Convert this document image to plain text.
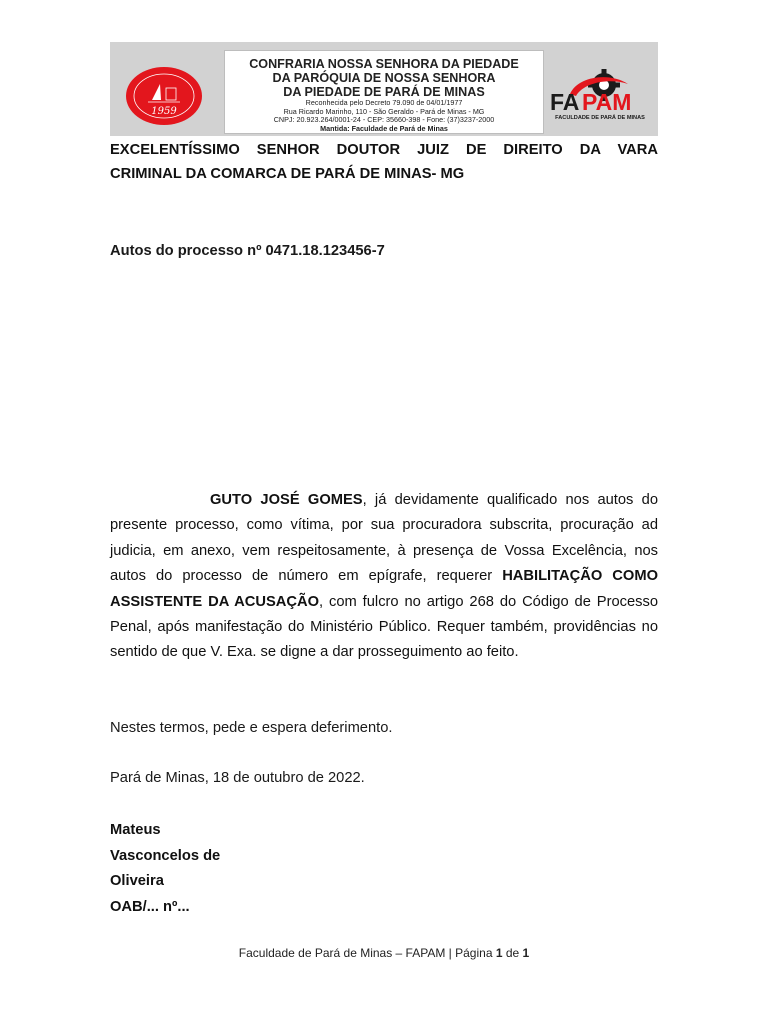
1959
CONFRARIA NOSSA SENHORA DA PIEDADE
DA PARÓQUIA DE NOSSA SENHORA
DA PIEDADE DE PARÁ DE MINAS
Reconhecida pelo Decreto 79.090 de 04/01/1977
Rua Ricardo Marinho, 110 - São Geraldo - Pará de Minas - MG
CNPJ: 20.923.264/0001-24 - CEP: 35660-398 - Fone: (37)3237-2000
Mantida: Faculdade de Pará de Minas
FA PAM
FACULDADE DE PARÁ DE MINAS
EXCELENTÍSSIMO SENHOR DOUTOR JUIZ DE DIREITO DA VARA
CRIMINAL DA COMARCA DE PARÁ DE MINAS- MG
Autos do processo nº 0471.18.123456-7
GUTO JOSÉ GOMES, já devidamente qualificado nos autos do presente processo, como vítima, por sua procuradora subscrita, procuração ad judicia, em anexo, vem respeitosamente, à presença de Vossa Excelência, nos autos do processo de número em epígrafe, requerer HABILITAÇÃO COMO ASSISTENTE DA ACUSAÇÃO, com fulcro no artigo 268 do Código de Processo Penal, após manifestação do Ministério Público. Requer também, providências no sentido de que V. Exa. se digne a dar prosseguimento ao feito.
Nestes termos, pede e espera deferimento.
Pará de Minas, 18 de outubro de 2022.
Mateus
Vasconcelos de
Oliveira
OAB/... nº...
Faculdade de Pará de Minas – FAPAM | Página 1 de 1
